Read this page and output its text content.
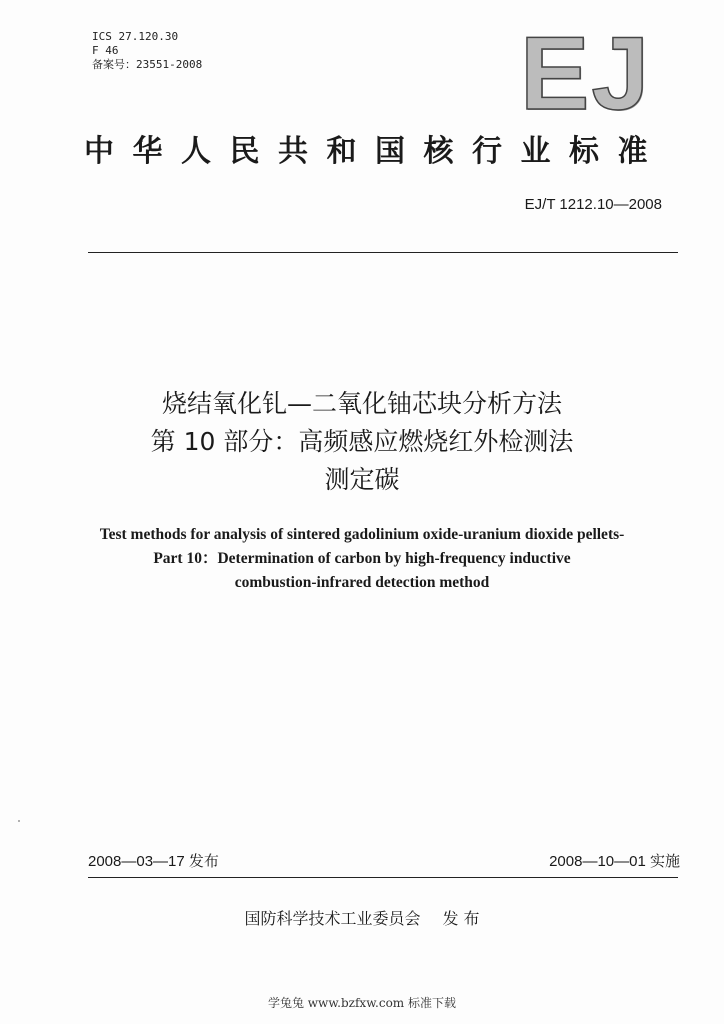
ICS 27.120.30
F 46
备案号：23551-2008	EJ
中华人民共和国核行业标准
EJ/T 1212.10—2008
烧结氧化钆—二氧化铀芯块分析方法
第 10 部分：高频感应燃烧红外检测法
测定碳
Test methods for analysis of sintered gadolinium oxide-uranium dioxide pellets-
Part 10：Determination of carbon by high-frequency inductive
combustion-infrared detection method
2008—03—17 发布	2008—10—01 实施
国防科学技术工业委员会 发 布
学兔兔 www.bzfxw.com 标准下载
